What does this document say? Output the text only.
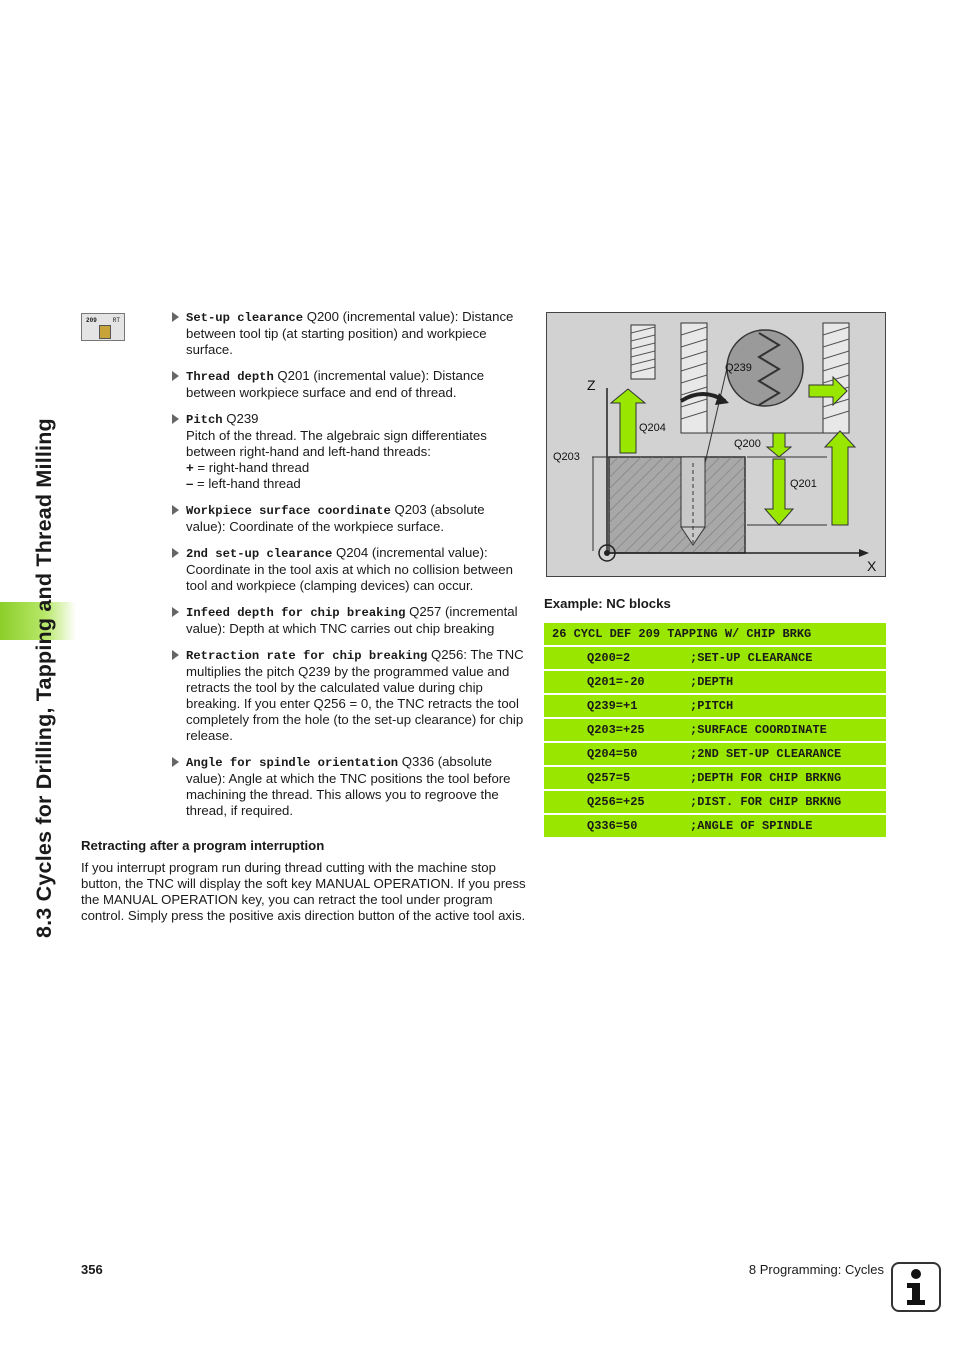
8.3 Cycles for Drilling, Tapping and Thread Milling
209	RT	Set-up clearance Q200 (incremental value): Distance between tool tip (at starting position) and workpiece surface.
Thread depth Q201 (incremental value): Distance between workpiece surface and end of thread.
Pitch Q239
Pitch of the thread. The algebraic sign differentiates between right-hand and left-hand threads:
+ = right-hand thread
– = left-hand thread
Workpiece surface coordinate Q203 (absolute value): Coordinate of the workpiece surface.
2nd set-up clearance Q204 (incremental value): Coordinate in the tool axis at which no collision between tool and workpiece (clamping devices) can occur.
Infeed depth for chip breaking Q257 (incremental value): Depth at which TNC carries out chip breaking
Retraction rate for chip breaking Q256: The TNC multiplies the pitch Q239 by the programmed value and retracts the tool by the calculated value during chip breaking. If you enter Q256 = 0, the TNC retracts the tool completely from the hole (to the set-up clearance) for chip release.
Angle for spindle orientation Q336 (absolute value): Angle at which the TNC positions the tool before machining the thread. This allows you to regroove the thread, if required.
Retracting after a program interruption

If you interrupt program run during thread cutting with the machine stop button, the TNC will display the soft key MANUAL OPERATION. If you press the MANUAL OPERATION key, you can retract the tool under program control. Simply press the positive axis direction button of the active tool axis.

Z
X
Q239
Q204
Q200
Q203
Q201
Example: NC blocks
26 CYCL DEF 209 TAPPING W/ CHIP BRKG
Q200=2	;SET-UP CLEARANCE
Q201=-20	;DEPTH
Q239=+1	;PITCH
Q203=+25	;SURFACE COORDINATE
Q204=50	;2ND SET-UP CLEARANCE
Q257=5	;DEPTH FOR CHIP BRKNG
Q256=+25	;DIST. FOR CHIP BRKNG
Q336=50	;ANGLE OF SPINDLE
356	8 Programming: Cycles
